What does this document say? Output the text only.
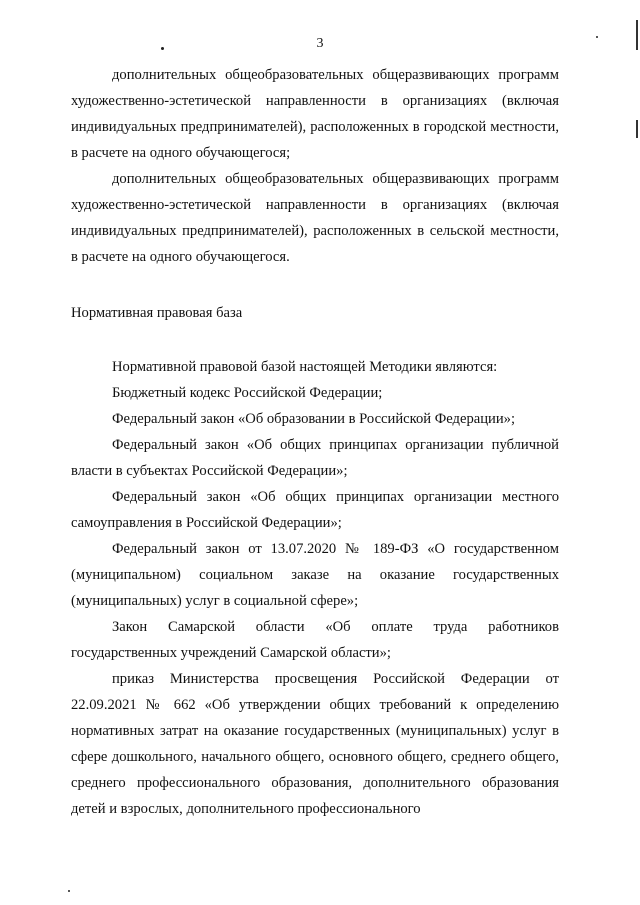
3

дополнительных общеобразовательных общеразвивающих программ художественно-эстетической направленности в организациях (включая индивидуальных предпринимателей), расположенных в городской местности, в расчете на одного обучающегося;

дополнительных общеобразовательных общеразвивающих программ художественно-эстетической направленности в организациях (включая индивидуальных предпринимателей), расположенных в сельской местности, в расчете на одного обучающегося.

Нормативная правовая база

Нормативной правовой базой настоящей Методики являются:

Бюджетный кодекс Российской Федерации;

Федеральный закон «Об образовании в Российской Федерации»;

Федеральный закон «Об общих принципах организации публичной власти в субъектах Российской Федерации»;

Федеральный закон «Об общих принципах организации местного самоуправления в Российской Федерации»;

Федеральный закон от 13.07.2020 № 189-ФЗ «О государственном (муниципальном) социальном заказе на оказание государственных (муниципальных) услуг в социальной сфере»;

Закон Самарской области «Об оплате труда работников государственных учреждений Самарской области»;

приказ Министерства просвещения Российской Федерации от 22.09.2021 № 662 «Об утверждении общих требований к определению нормативных затрат на оказание государственных (муниципальных) услуг в сфере дошкольного, начального общего, основного общего, среднего общего, среднего профессионального образования, дополнительного образования детей и взрослых, дополнительного профессионального
